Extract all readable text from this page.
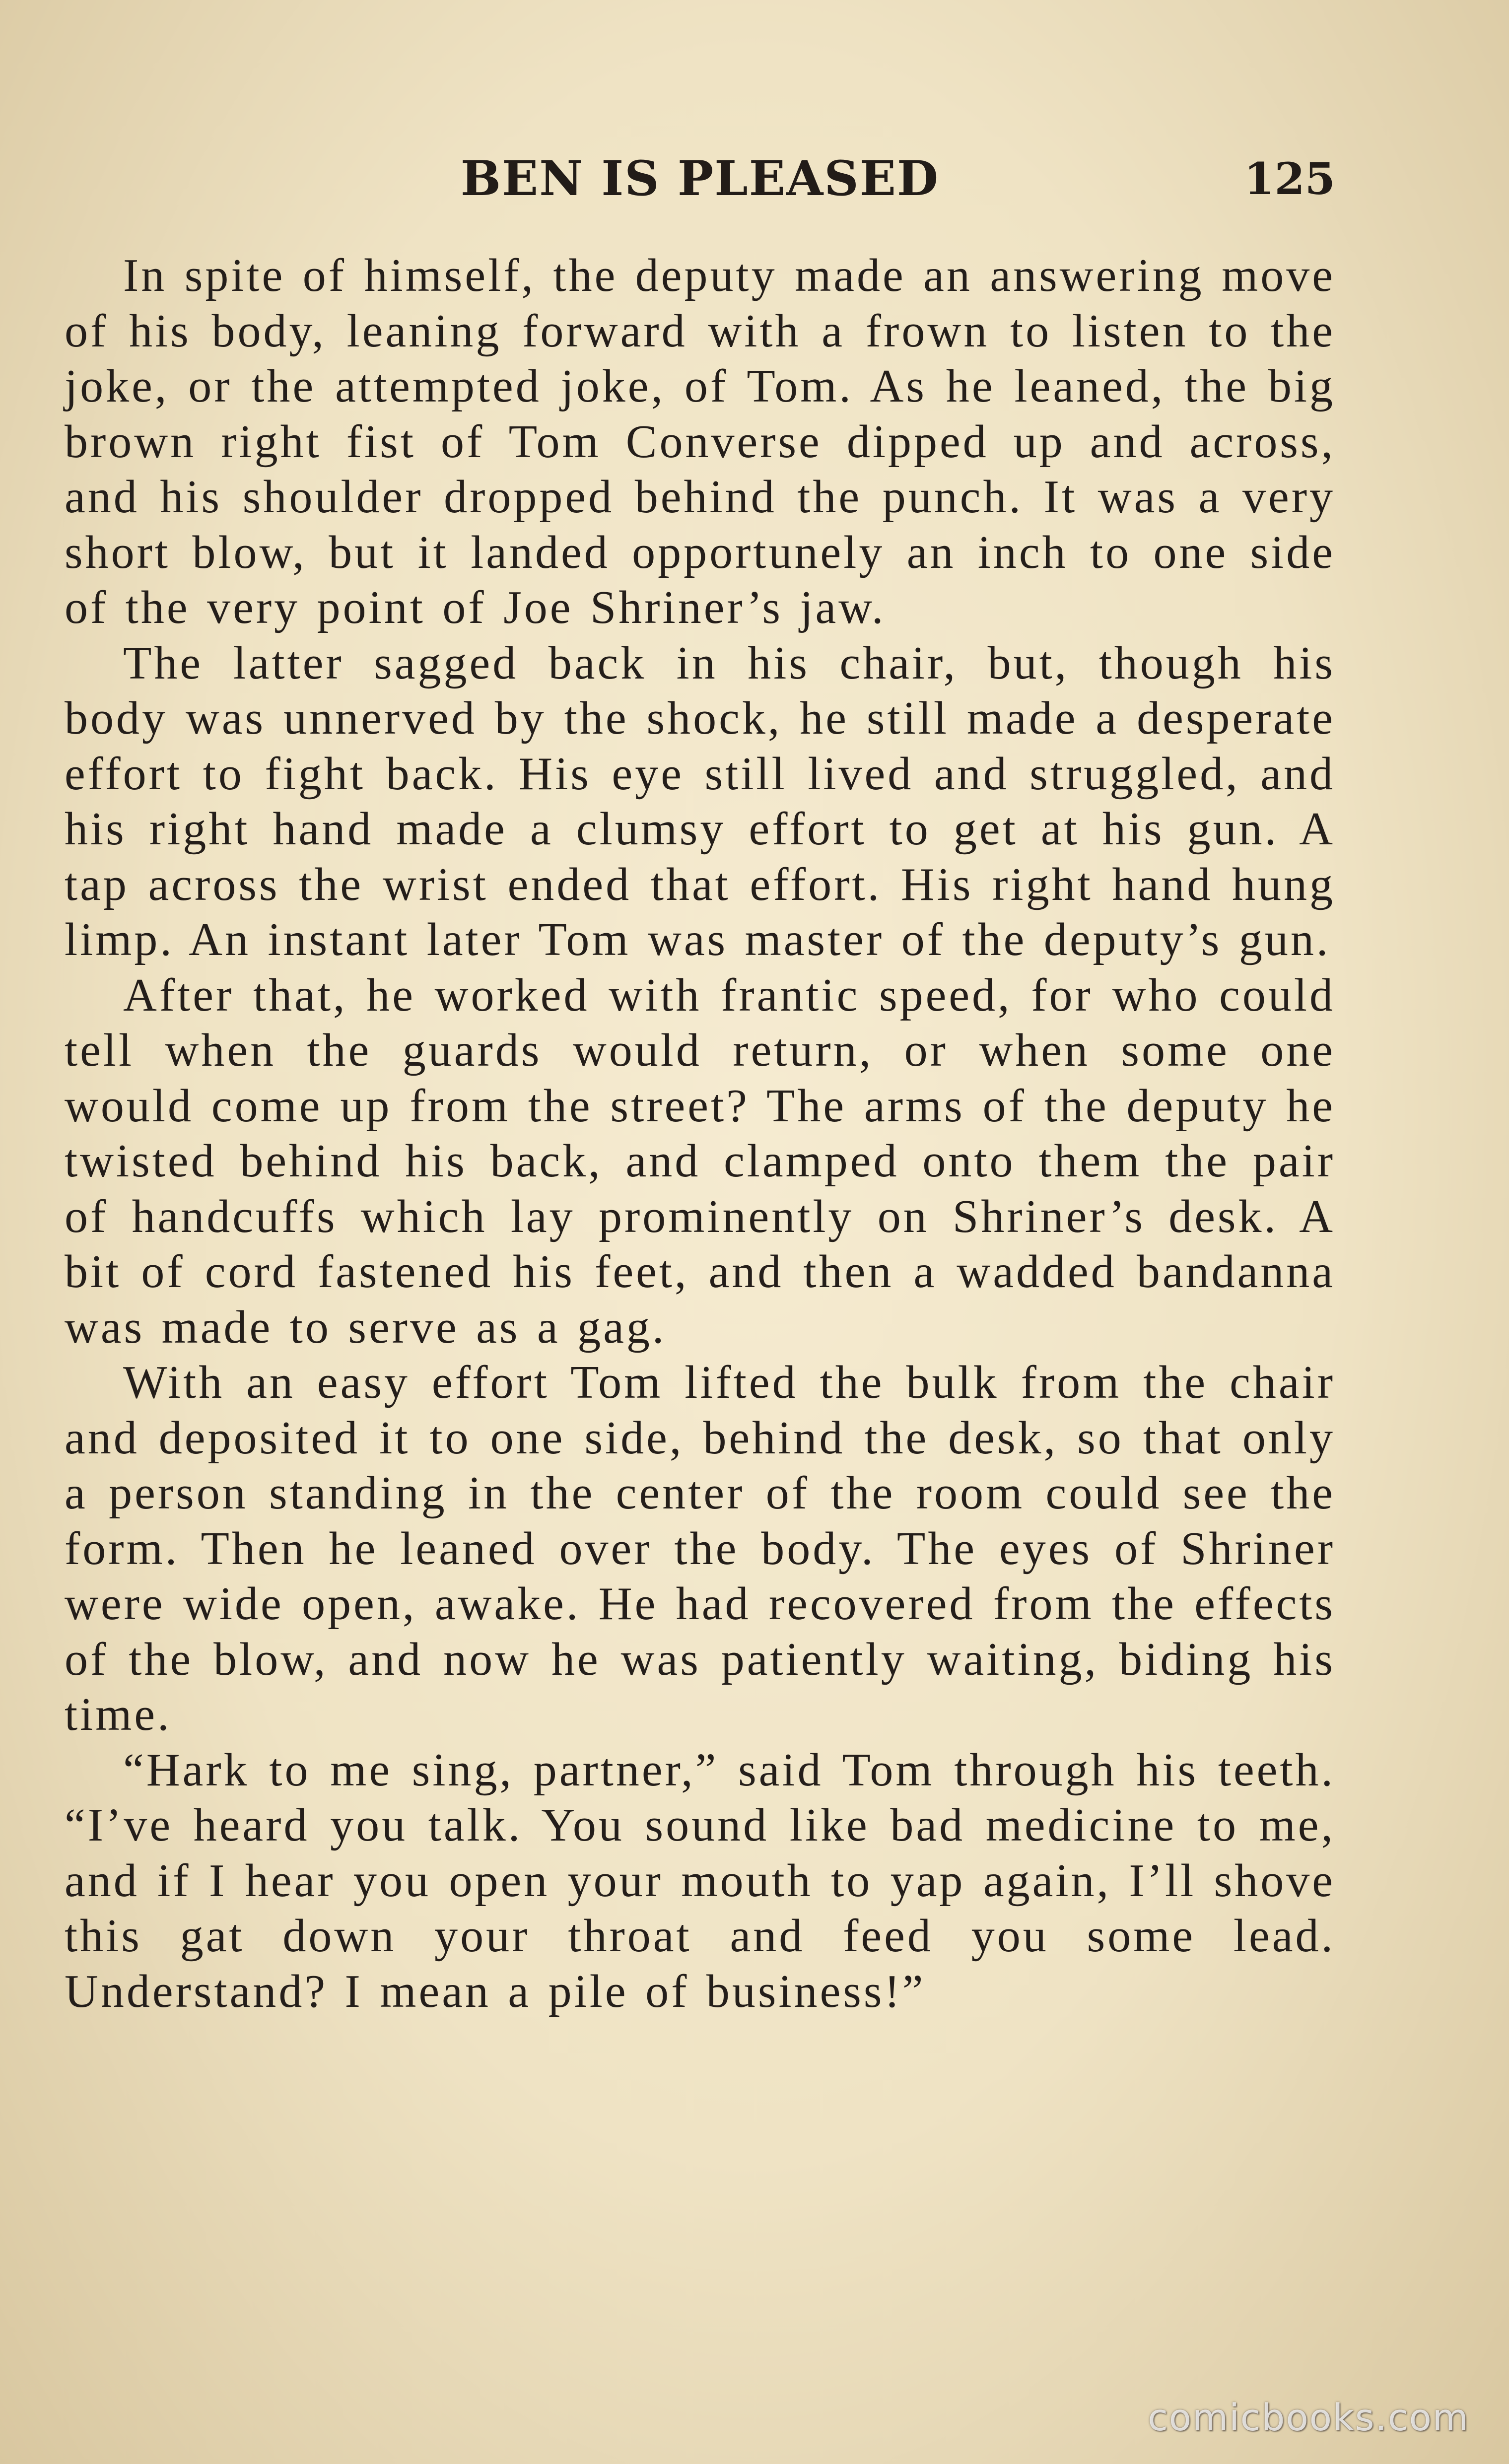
BEN IS PLEASED	125

In spite of himself, the deputy made an answering move of his body, leaning forward with a frown to listen to the joke, or the attempted joke, of Tom. As he leaned, the big brown right fist of Tom Converse dipped up and across, and his shoulder dropped behind the punch. It was a very short blow, but it landed opportunely an inch to one side of the very point of Joe Shriner’s jaw.

The latter sagged back in his chair, but, though his body was unnerved by the shock, he still made a desperate effort to fight back. His eye still lived and struggled, and his right hand made a clumsy effort to get at his gun. A tap across the wrist ended that effort. His right hand hung limp. An instant later Tom was master of the deputy’s gun.

After that, he worked with frantic speed, for who could tell when the guards would return, or when some one would come up from the street? The arms of the deputy he twisted behind his back, and clamped onto them the pair of handcuffs which lay prominently on Shriner’s desk. A bit of cord fastened his feet, and then a wadded bandanna was made to serve as a gag.

With an easy effort Tom lifted the bulk from the chair and deposited it to one side, behind the desk, so that only a person standing in the center of the room could see the form. Then he leaned over the body. The eyes of Shriner were wide open, awake. He had recovered from the effects of the blow, and now he was patiently waiting, biding his time.

“Hark to me sing, partner,” said Tom through his teeth. “I’ve heard you talk. You sound like bad medicine to me, and if I hear you open your mouth to yap again, I’ll shove this gat down your throat and feed you some lead. Understand? I mean a pile of business!”

comicbooks.com
